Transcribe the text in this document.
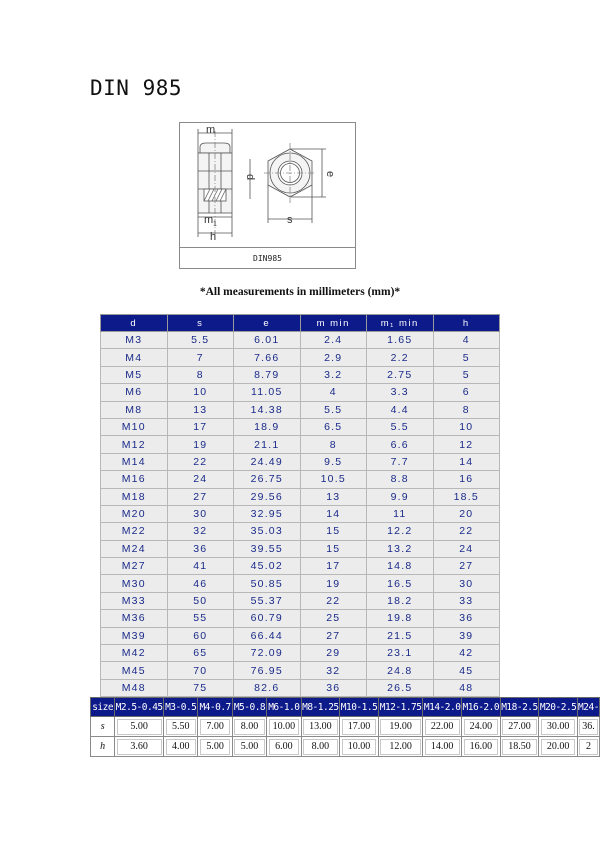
DIN 985
m
m 1
h
d	e
s
DIN985
*All measurements in millimeters (mm)*
d	s	e	m min	m₁ min	h
M3	5.5	6.01	2.4	1.65	4
M4	7	7.66	2.9	2.2	5
M5	8	8.79	3.2	2.75	5
M6	10	11.05	4	3.3	6
M8	13	14.38	5.5	4.4	8
M10	17	18.9	6.5	5.5	10
M12	19	21.1	8	6.6	12
M14	22	24.49	9.5	7.7	14
M16	24	26.75	10.5	8.8	16
M18	27	29.56	13	9.9	18.5
M20	30	32.95	14	11	20
M22	32	35.03	15	12.2	22
M24	36	39.55	15	13.2	24
M27	41	45.02	17	14.8	27
M30	46	50.85	19	16.5	30
M33	50	55.37	22	18.2	33
M36	55	60.79	25	19.8	36
M39	60	66.44	27	21.5	39
M42	65	72.09	29	23.1	42
M45	70	76.95	32	24.8	45
M48	75	82.6	36	26.5	48
size	M2.5-0.45	M3-0.5	M4-0.7	M5-0.8	M6-1.0	M8-1.25	M10-1.5	M12-1.75	M14-2.0	M16-2.0	M18-2.5	M20-2.5	M24-
s	5.00	5.50	7.00	8.00	10.00	13.00	17.00	19.00	22.00	24.00	27.00	30.00	36.
h	3.60	4.00	5.00	5.00	6.00	8.00	10.00	12.00	14.00	16.00	18.50	20.00	2
